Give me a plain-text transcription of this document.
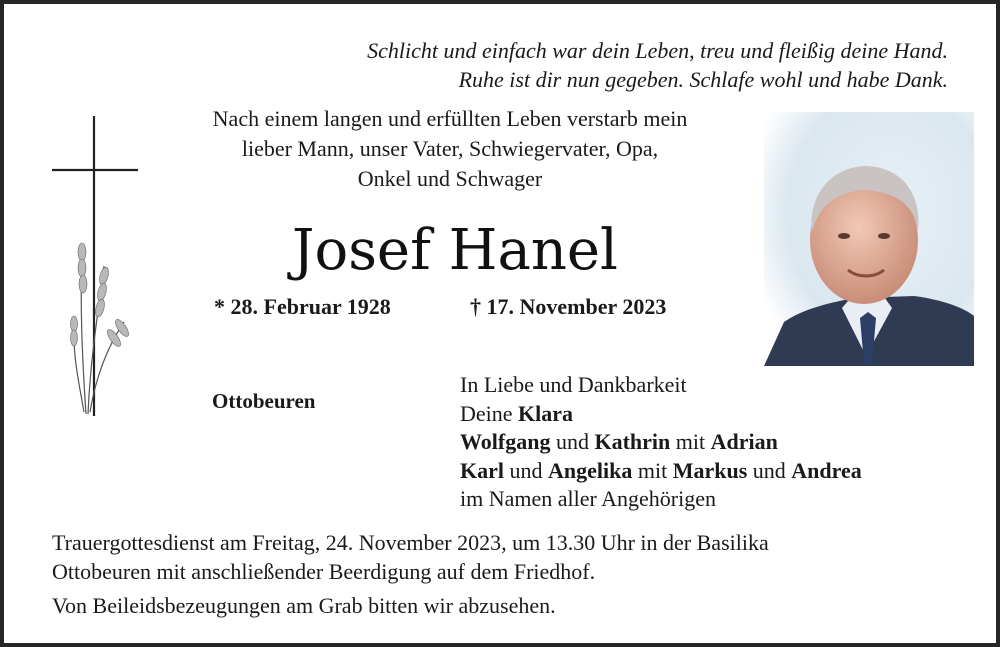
Schlicht und einfach war dein Leben, treu und fleißig deine Hand.
Ruhe ist dir nun gegeben. Schlafe wohl und habe Dank.
Nach einem langen und erfüllten Leben verstarb mein
lieber Mann, unser Vater, Schwiegervater, Opa,
Onkel und Schwager
Josef Hanel
* 28. Februar 1928	† 17. November 2023
Ottobeuren
In Liebe und Dankbarkeit
Deine Klara
Wolfgang und Kathrin mit Adrian
Karl und Angelika mit Markus und Andrea
im Namen aller Angehörigen
Trauergottesdienst am Freitag, 24. November 2023, um 13.30 Uhr in der Basilika
Ottobeuren mit anschließender Beerdigung auf dem Friedhof.
Von Beileidsbezeugungen am Grab bitten wir abzusehen.
